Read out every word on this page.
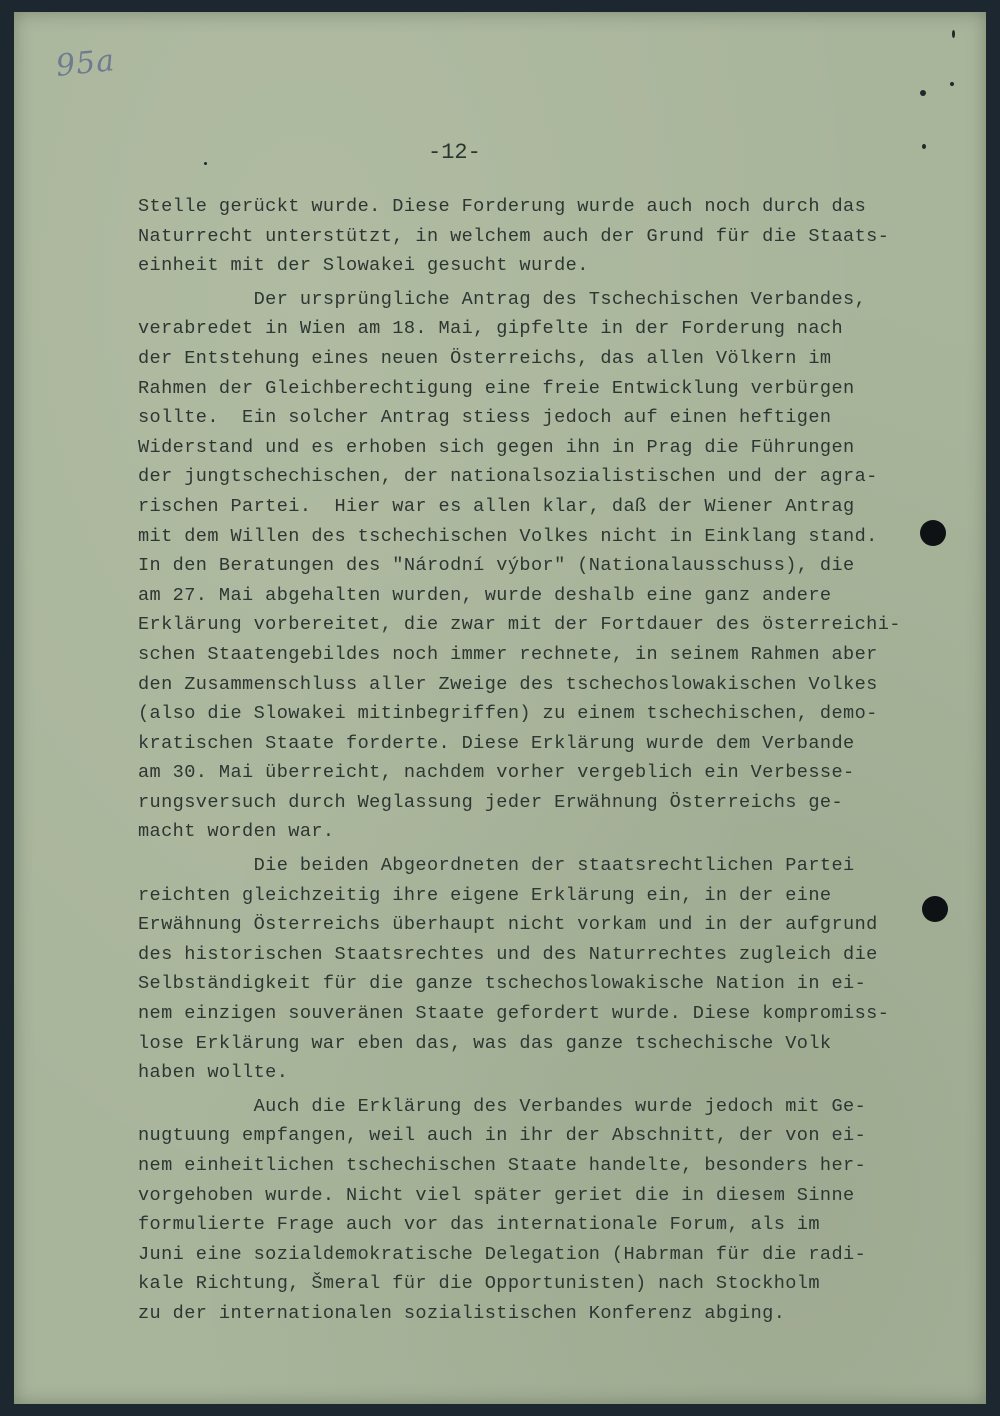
95a
-12-
Stelle gerückt wurde. Diese Forderung wurde auch noch durch das
Naturrecht unterstützt, in welchem auch der Grund für die Staats-
einheit mit der Slowakei gesucht wurde.
Der ursprüngliche Antrag des Tschechischen Verbandes,
verabredet in Wien am 18. Mai, gipfelte in der Forderung nach
der Entstehung eines neuen Österreichs, das allen Völkern im
Rahmen der Gleichberechtigung eine freie Entwicklung verbürgen
sollte.  Ein solcher Antrag stiess jedoch auf einen heftigen
Widerstand und es erhoben sich gegen ihn in Prag die Führungen
der jungtschechischen, der nationalsozialistischen und der agra-
rischen Partei.  Hier war es allen klar, daß der Wiener Antrag
mit dem Willen des tschechischen Volkes nicht in Einklang stand.
In den Beratungen des "Národní výbor" (Nationalausschuss), die
am 27. Mai abgehalten wurden, wurde deshalb eine ganz andere
Erklärung vorbereitet, die zwar mit der Fortdauer des österreichi-
schen Staatengebildes noch immer rechnete, in seinem Rahmen aber
den Zusammenschluss aller Zweige des tschechoslowakischen Volkes
(also die Slowakei mitinbegriffen) zu einem tschechischen, demo-
kratischen Staate forderte. Diese Erklärung wurde dem Verbande
am 30. Mai überreicht, nachdem vorher vergeblich ein Verbesse-
rungsversuch durch Weglassung jeder Erwähnung Österreichs ge-
macht worden war.
Die beiden Abgeordneten der staatsrechtlichen Partei
reichten gleichzeitig ihre eigene Erklärung ein, in der eine
Erwähnung Österreichs überhaupt nicht vorkam und in der aufgrund
des historischen Staatsrechtes und des Naturrechtes zugleich die
Selbständigkeit für die ganze tschechoslowakische Nation in ei-
nem einzigen souveränen Staate gefordert wurde. Diese kompromiss-
lose Erklärung war eben das, was das ganze tschechische Volk
haben wollte.
Auch die Erklärung des Verbandes wurde jedoch mit Ge-
nugtuung empfangen, weil auch in ihr der Abschnitt, der von ei-
nem einheitlichen tschechischen Staate handelte, besonders her-
vorgehoben wurde. Nicht viel später geriet die in diesem Sinne
formulierte Frage auch vor das internationale Forum, als im
Juni eine sozialdemokratische Delegation (Habrman für die radi-
kale Richtung, Šmeral für die Opportunisten) nach Stockholm
zu der internationalen sozialistischen Konferenz abging.
